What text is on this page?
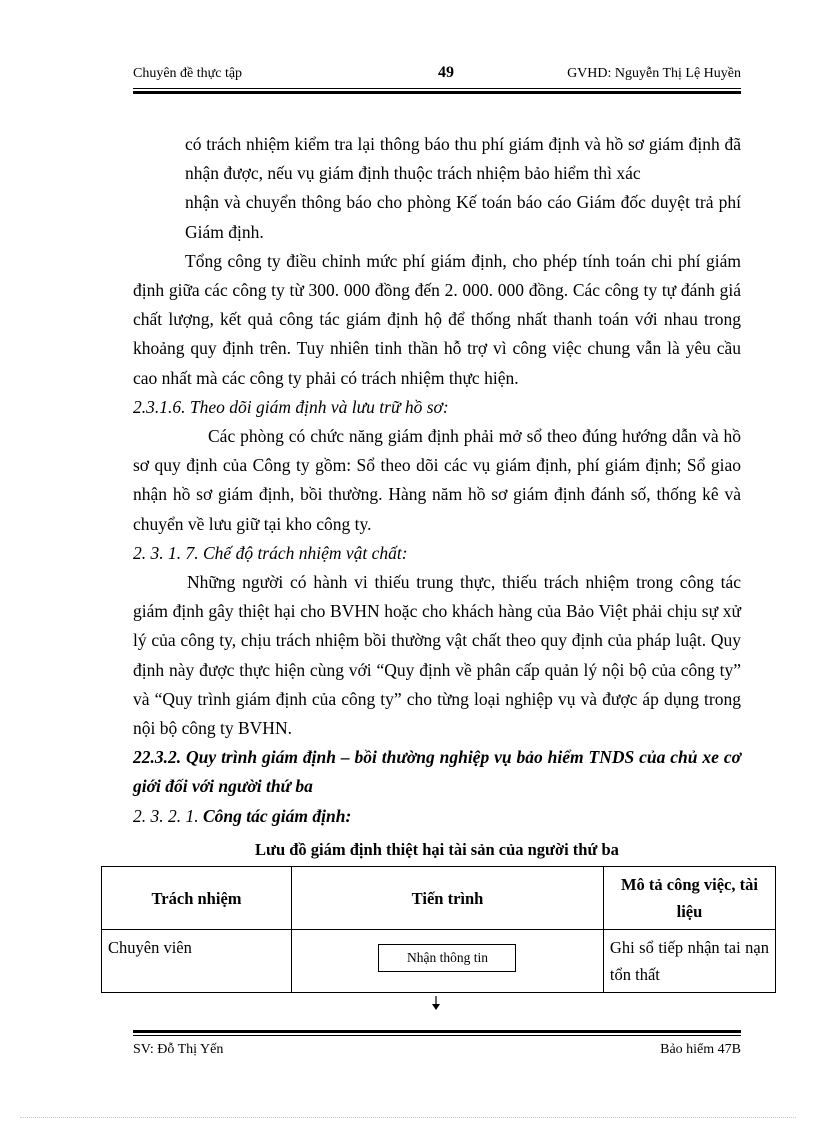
Chuyên đề thực tập	49	GVHD: Nguyễn Thị Lệ Huyền

có trách nhiệm kiểm tra lại thông báo thu phí giám định và hồ sơ giám định đã nhận được, nếu vụ giám định thuộc trách nhiệm bảo hiểm thì xác

nhận và chuyển thông báo cho phòng Kế toán báo cáo Giám đốc duyệt trả phí Giám định.

Tổng công ty điều chỉnh mức phí giám định, cho phép tính toán chi phí giám định giữa các công ty từ 300. 000 đồng đến 2. 000. 000 đồng. Các công ty tự đánh giá chất lượng, kết quả công tác giám định hộ để thống nhất thanh toán với nhau trong khoảng quy định trên. Tuy nhiên tinh thần hỗ trợ vì công việc chung vẫn là yêu cầu cao nhất mà các công ty phải có trách nhiệm thực hiện.

2.3.1.6. Theo dõi giám định và lưu trữ hồ sơ:

Các phòng có chức năng giám định phải mở sổ theo đúng hướng dẫn và hồ sơ quy định của Công ty gồm: Sổ theo dõi các vụ giám định, phí giám định; Sổ giao nhận hồ sơ giám định, bồi thường. Hàng năm hồ sơ giám định đánh số, thống kê và chuyển về lưu giữ tại kho công ty.

2. 3. 1. 7. Chế độ trách nhiệm vật chất:

Những người có hành vi thiếu trung thực, thiếu trách nhiệm trong công tác giám định gây thiệt hại cho BVHN hoặc cho khách hàng của Bảo Việt phải chịu sự xử lý của công ty, chịu trách nhiệm bồi thường vật chất theo quy định của pháp luật. Quy định này được thực hiện cùng với “Quy định về phân cấp quản lý nội bộ của công ty” và “Quy trình giám định của công ty” cho từng loại nghiệp vụ và được áp dụng trong nội bộ công ty BVHN.

22.3.2. Quy trình giám định – bồi thường nghiệp vụ bảo hiểm TNDS của chủ xe cơ giới đối với người thứ ba

2. 3. 2. 1. Công tác giám định:

Lưu đồ giám định thiệt hại tài sản của người thứ ba
Trách nhiệm	Tiến trình	Mô tả công việc, tài liệu
Chuyên viên	Nhận thông tin	Ghi sổ tiếp nhận tai nạn tổn thất
SV: Đỗ Thị Yến	Bảo hiểm 47B
